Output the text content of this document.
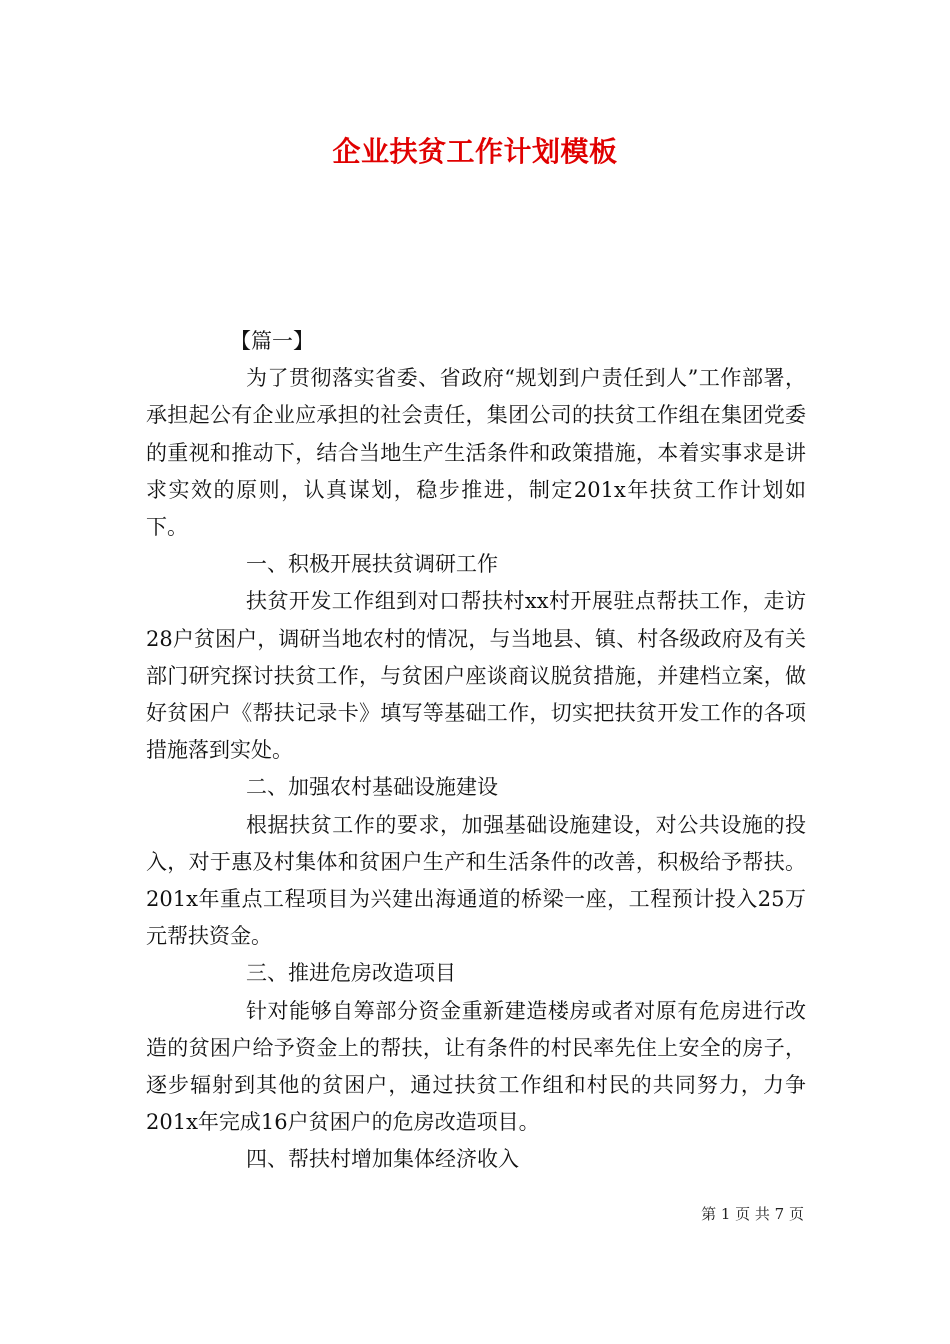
企业扶贫工作计划模板

【篇一】

为了贯彻落实省委、省政府“规划到户责任到人”工作部署，承担起公有企业应承担的社会责任，集团公司的扶贫工作组在集团党委的重视和推动下，结合当地生产生活条件和政策措施，本着实事求是讲求实效的原则，认真谋划，稳步推进，制定201x年扶贫工作计划如下。

一、积极开展扶贫调研工作

扶贫开发工作组到对口帮扶村xx村开展驻点帮扶工作，走访28户贫困户，调研当地农村的情况，与当地县、镇、村各级政府及有关部门研究探讨扶贫工作，与贫困户座谈商议脱贫措施，并建档立案，做好贫困户《帮扶记录卡》填写等基础工作，切实把扶贫开发工作的各项措施落到实处。

二、加强农村基础设施建设

根据扶贫工作的要求，加强基础设施建设，对公共设施的投入，对于惠及村集体和贫困户生产和生活条件的改善，积极给予帮扶。201x年重点工程项目为兴建出海通道的桥梁一座，工程预计投入25万元帮扶资金。

三、推进危房改造项目

针对能够自筹部分资金重新建造楼房或者对原有危房进行改造的贫困户给予资金上的帮扶，让有条件的村民率先住上安全的房子，逐步辐射到其他的贫困户，通过扶贫工作组和村民的共同努力，力争201x年完成16户贫困户的危房改造项目。

四、帮扶村增加集体经济收入

第 1 页 共 7 页
